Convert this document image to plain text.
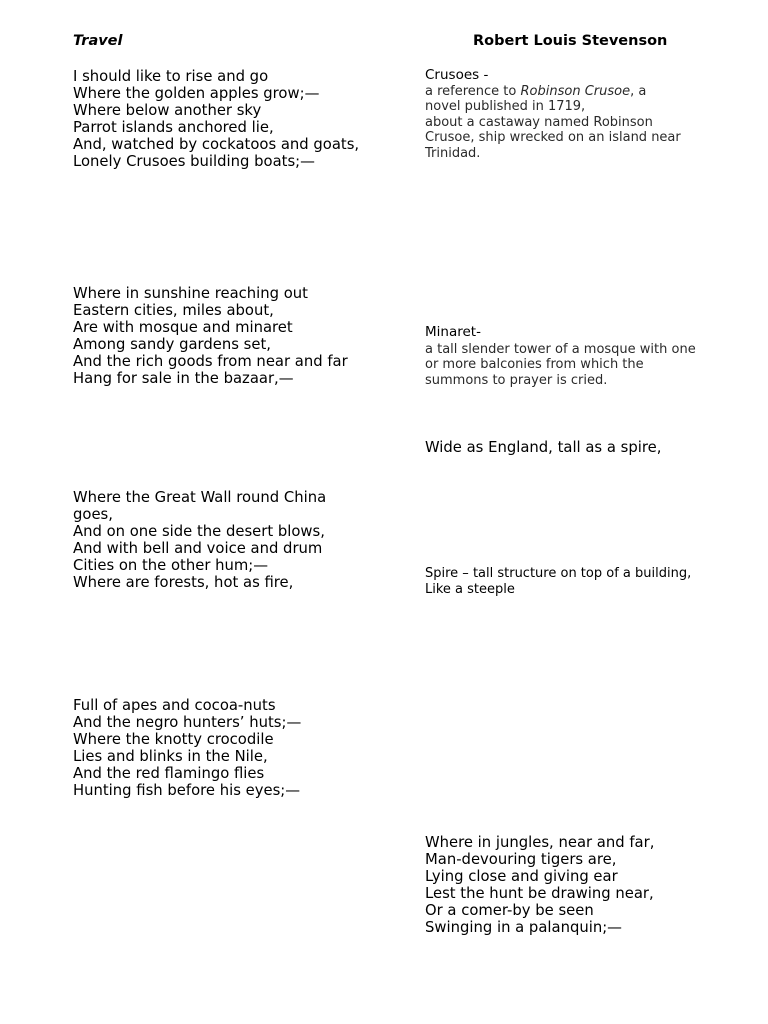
Travel	Robert Louis Stevenson
I should like to rise and go
Where the golden apples grow;—
Where below another sky
Parrot islands anchored lie,
And, watched by cockatoos and goats,
Lonely Crusoes building boats;—
Crusoes -
a reference to Robinson Crusoe, a
novel published in 1719,
about a castaway named Robinson
Crusoe, ship wrecked on an island near
Trinidad.
Where in sunshine reaching out
Eastern cities, miles about,
Are with mosque and minaret
Among sandy gardens set,
And the rich goods from near and far
Hang for sale in the bazaar,—
Minaret-
a tall slender tower of a mosque with one
or more balconies from which the
summons to prayer is cried.
Wide as England, tall as a spire,
Where the Great Wall round China
goes,
And on one side the desert blows,
And with bell and voice and drum
Cities on the other hum;—
Where are forests, hot as fire,
Spire – tall structure on top of a building,
Like a steeple
Full of apes and cocoa-nuts
And the negro hunters’ huts;—
Where the knotty crocodile
Lies and blinks in the Nile,
And the red flamingo flies
Hunting fish before his eyes;—
Where in jungles, near and far,
Man-devouring tigers are,
Lying close and giving ear
Lest the hunt be drawing near,
Or a comer-by be seen
Swinging in a palanquin;—
